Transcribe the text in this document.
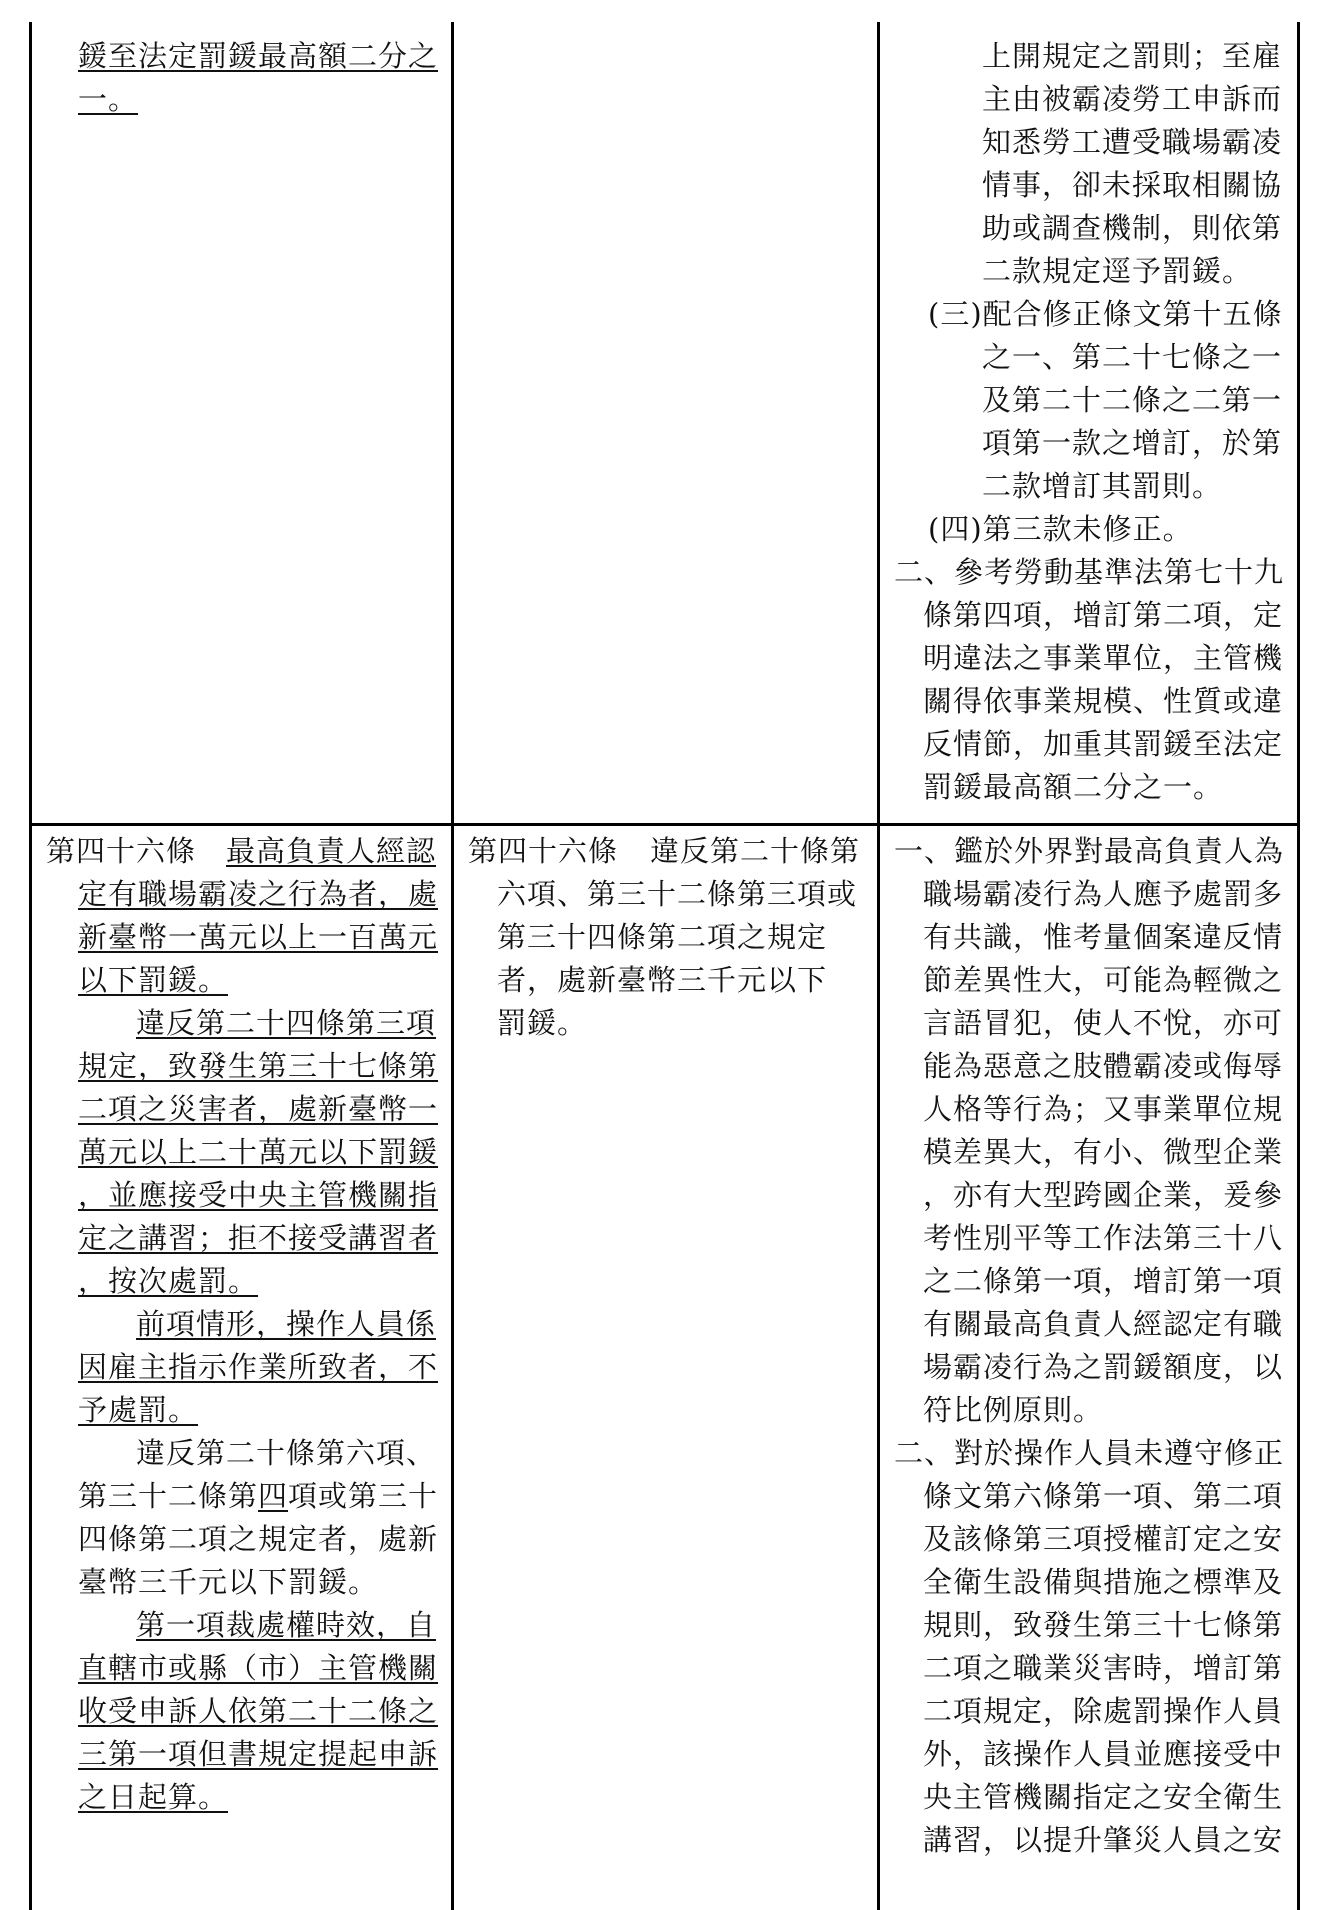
鍰至法定罰鍰最高額二分之
一。
上開規定之罰則；至雇
主由被霸凌勞工申訴而
知悉勞工遭受職場霸凌
情事，卻未採取相關協
助或調查機制，則依第
二款規定逕予罰鍰。
(三)配合修正條文第十五條
之一、第二十七條之一
及第二十二條之二第一
項第一款之增訂，於第
二款增訂其罰則。
(四)第三款未修正。
二、參考勞動基準法第七十九
條第四項，增訂第二項，定
明違法之事業單位，主管機
關得依事業規模、性質或違
反情節，加重其罰鍰至法定
罰鍰最高額二分之一。
第四十六條 最高負責人經認
定有職場霸凌之行為者，處
新臺幣一萬元以上一百萬元
以下罰鍰。
違反第二十四條第三項
規定，致發生第三十七條第
二項之災害者，處新臺幣一
萬元以上二十萬元以下罰鍰
，並應接受中央主管機關指
定之講習；拒不接受講習者
，按次處罰。
前項情形，操作人員係
因雇主指示作業所致者，不
予處罰。
違反第二十條第六項、
第三十二條第四項或第三十
四條第二項之規定者，處新
臺幣三千元以下罰鍰。
第一項裁處權時效，自
直轄市或縣（市）主管機關
收受申訴人依第二十二條之
三第一項但書規定提起申訴
之日起算。
第四十六條 違反第二十條第
六項、第三十二條第三項或
第三十四條第二項之規定
者，處新臺幣三千元以下
罰鍰。
一、鑑於外界對最高負責人為
職場霸凌行為人應予處罰多
有共識，惟考量個案違反情
節差異性大，可能為輕微之
言語冒犯，使人不悅，亦可
能為惡意之肢體霸凌或侮辱
人格等行為；又事業單位規
模差異大，有小、微型企業
，亦有大型跨國企業，爰參
考性別平等工作法第三十八
之二條第一項，增訂第一項
有關最高負責人經認定有職
場霸凌行為之罰鍰額度，以
符比例原則。
二、對於操作人員未遵守修正
條文第六條第一項、第二項
及該條第三項授權訂定之安
全衛生設備與措施之標準及
規則，致發生第三十七條第
二項之職業災害時，增訂第
二項規定，除處罰操作人員
外，該操作人員並應接受中
央主管機關指定之安全衛生
講習，以提升肇災人員之安
